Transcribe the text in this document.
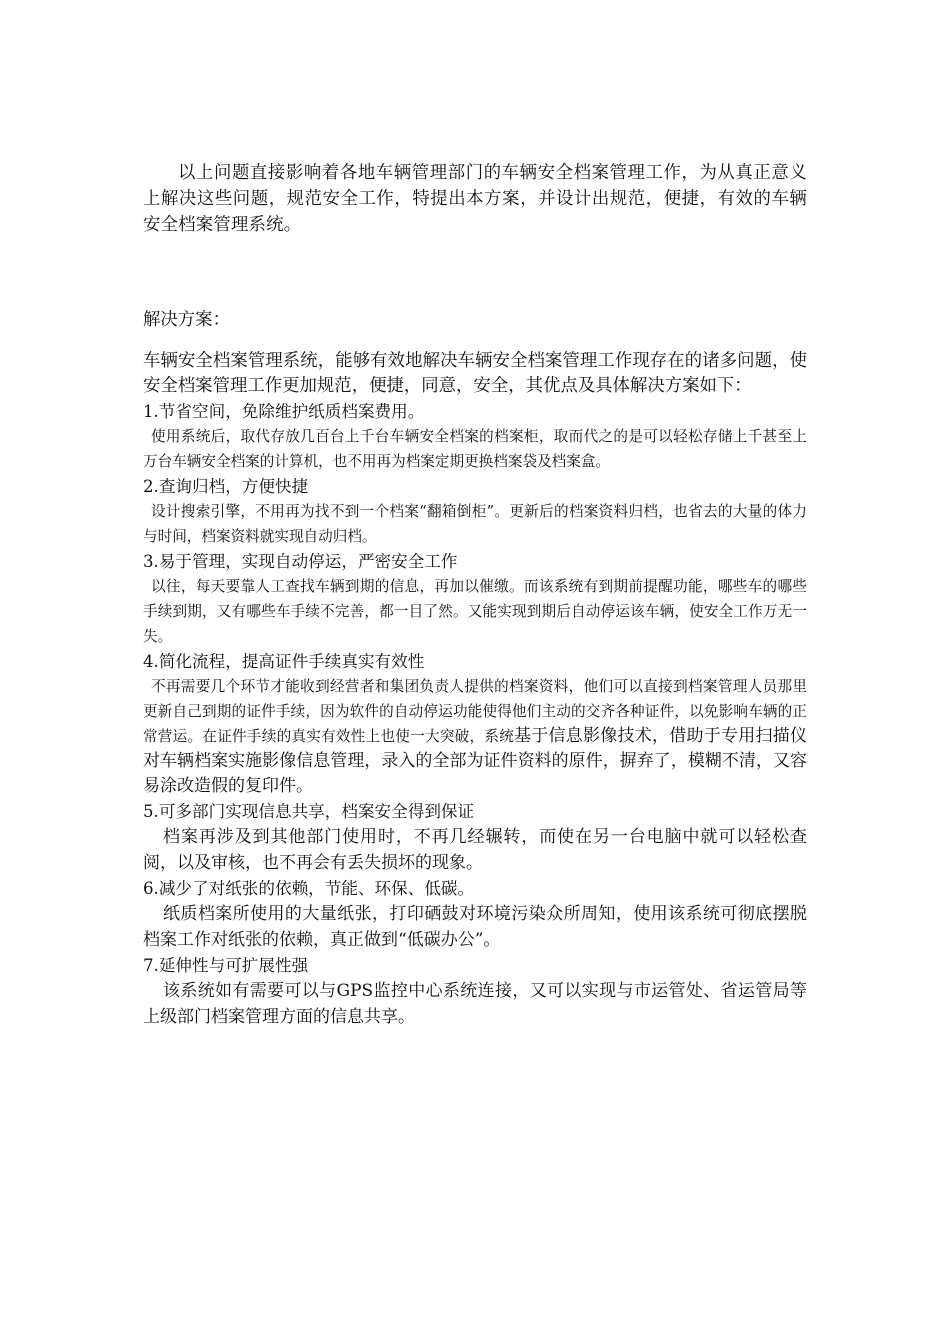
以上问题直接影响着各地车辆管理部门的车辆安全档案管理工作，为从真正意义上解决这些问题，规范安全工作，特提出本方案，并设计出规范，便捷，有效的车辆安全档案管理系统。

解决方案：

车辆安全档案管理系统，能够有效地解决车辆安全档案管理工作现存在的诸多问题，使安全档案管理工作更加规范，便捷，同意，安全，其优点及具体解决方案如下：

1.节省空间，免除维护纸质档案费用。

使用系统后，取代存放几百台上千台车辆安全档案的档案柜，取而代之的是可以轻松存储上千甚至上万台车辆安全档案的计算机，也不用再为档案定期更换档案袋及档案盒。

2.查询归档，方便快捷

设计搜索引擎，不用再为找不到一个档案“翻箱倒柜”。更新后的档案资料归档，也省去的大量的体力与时间，档案资料就实现自动归档。

3.易于管理，实现自动停运，严密安全工作

以往，每天要靠人工查找车辆到期的信息，再加以催缴。而该系统有到期前提醒功能，哪些车的哪些手续到期，又有哪些车手续不完善，都一目了然。又能实现到期后自动停运该车辆，使安全工作万无一失。

4.简化流程，提高证件手续真实有效性

不再需要几个环节才能收到经营者和集团负责人提供的档案资料，他们可以直接到档案管理人员那里更新自己到期的证件手续，因为软件的自动停运功能使得他们主动的交齐各种证件，以免影响车辆的正常营运。在证件手续的真实有效性上也使一大突破，系统基于信息影像技术，借助于专用扫描仪对车辆档案实施影像信息管理，录入的全部为证件资料的原件，摒弃了，模糊不清，又容易涂改造假的复印件。

5.可多部门实现信息共享，档案安全得到保证

档案再涉及到其他部门使用时，不再几经辗转，而使在另一台电脑中就可以轻松查阅，以及审核，也不再会有丢失损坏的现象。

6.减少了对纸张的依赖，节能、环保、低碳。

纸质档案所使用的大量纸张，打印硒鼓对环境污染众所周知，使用该系统可彻底摆脱档案工作对纸张的依赖，真正做到“低碳办公”。

7.延伸性与可扩展性强

该系统如有需要可以与GPS监控中心系统连接，又可以实现与市运管处、省运管局等上级部门档案管理方面的信息共享。
